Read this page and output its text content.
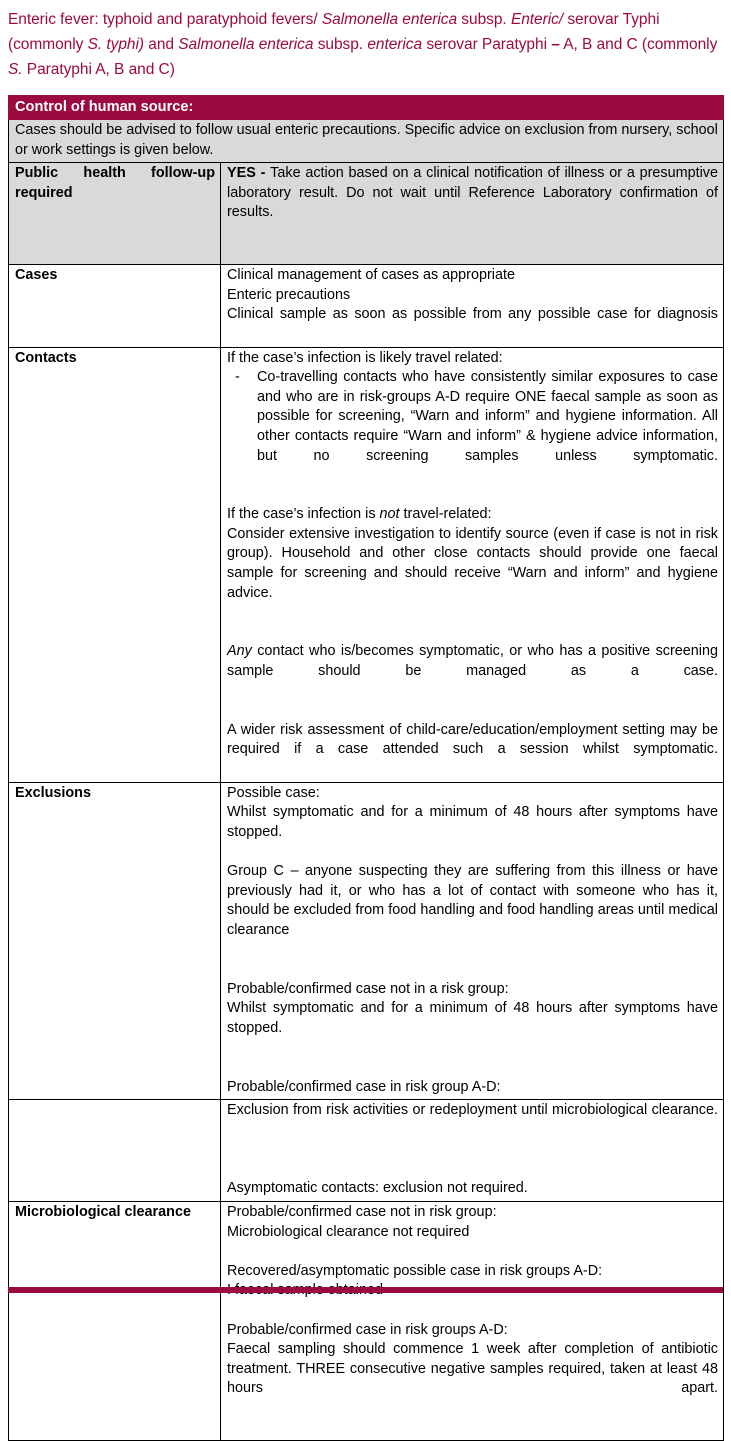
Enteric fever: typhoid and paratyphoid fevers/ Salmonella enterica subsp. Enteric/ serovar Typhi (commonly S. typhi) and Salmonella enterica subsp. enterica serovar Paratyphi – A, B and C (commonly S. Paratyphi A, B and C)
Control of human source:	
Cases should be advised to follow usual enteric precautions. Specific advice on exclusion from nursery, school or work settings is given below.	
Public health follow-up required	YES - Take action based on a clinical notification of illness or a presumptive laboratory result. Do not wait until Reference Laboratory confirmation of results.

Cases	Clinical management of cases as appropriate
Enteric precautions
Clinical sample as soon as possible from any possible case for diagnosis

Contacts	If the case’s infection is likely travel related:
-	Co-travelling contacts who have consistently similar exposures to case and who are in risk-groups A-D require ONE faecal sample as soon as possible for screening, “Warn and inform” and hygiene information. All other contacts require “Warn and inform” & hygiene advice information, but no screening samples unless symptomatic.
If the case’s infection is not travel-related:
Consider extensive investigation to identify source (even if case is not in risk group). Household and other close contacts should provide one faecal sample for screening and should receive “Warn and inform” and hygiene advice.
Any contact who is/becomes symptomatic, or who has a positive screening sample should be managed as a case.
A wider risk assessment of child-care/education/employment setting may be required if a case attended such a session whilst symptomatic.

Exclusions	Possible case:
Whilst symptomatic and for a minimum of 48 hours after symptoms have stopped.
Group C – anyone suspecting they are suffering from this illness or have previously had it, or who has a lot of contact with someone who has it, should be excluded from food handling and food handling areas until medical clearance
Probable/confirmed case not in a risk group:
Whilst symptomatic and for a minimum of 48 hours after symptoms have stopped.
Probable/confirmed case in risk group A-D:

	Exclusion from risk activities or redeployment until microbiological clearance.
Asymptomatic contacts: exclusion not required.

Microbiological clearance	Probable/confirmed case not in risk group:
Microbiological clearance not required
Recovered/asymptomatic possible case in risk groups A-D:
Probable/confirmed case in risk groups A-D:
Faecal sampling should commence 1 week after completion of antibiotic treatment. THREE consecutive negative samples required, taken at least 48 hours apart.
